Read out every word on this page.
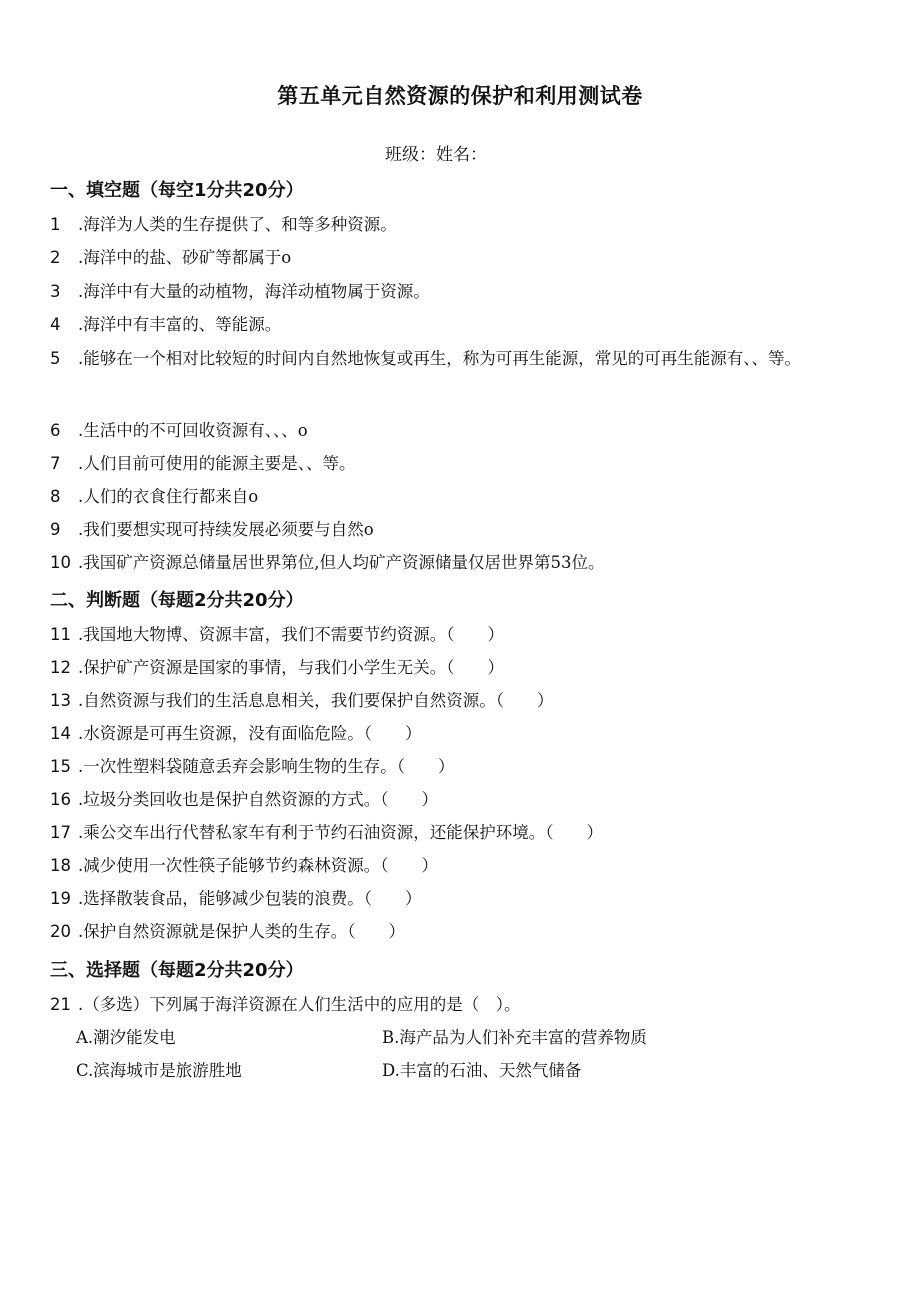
第五单元自然资源的保护和利用测试卷
班级：姓名：
一、填空题（每空1分共20分）
1 .海洋为人类的生存提供了、和等多种资源。
2 .海洋中的盐、砂矿等都属于o
3 .海洋中有大量的动植物，海洋动植物属于资源。
4 .海洋中有丰富的、等能源。
5	.能够在一个相对比较短的时间内自然地恢复或再生，称为可再生能源，常见的可再生能源有、、等。
6 .生活中的不可回收资源有、、、o
7 .人们目前可使用的能源主要是、、等。
8 .人们的衣食住行都来自o
9 .我们要想实现可持续发展必须要与自然o
10 .我国矿产资源总储量居世界第位,但人均矿产资源储量仅居世界第53位。
二、判断题（每题2分共20分）
11 .我国地大物博、资源丰富，我们不需要节约资源。（　　）
12 .保护矿产资源是国家的事情，与我们小学生无关。（　　）
13 .自然资源与我们的生活息息相关，我们要保护自然资源。（　　）
14 .水资源是可再生资源，没有面临危险。（　　）
15 .一次性塑料袋随意丢弃会影响生物的生存。（　　）
16 .垃圾分类回收也是保护自然资源的方式。（　　）
17 .乘公交车出行代替私家车有利于节约石油资源，还能保护环境。（　　）
18 .减少使用一次性筷子能够节约森林资源。（　　）
19 .选择散装食品，能够减少包装的浪费。（　　）
20 .保护自然资源就是保护人类的生存。（　　）
三、选择题（每题2分共20分）
21 .（多选）下列属于海洋资源在人们生活中的应用的是（　）。
A.潮汐能发电	B.海产品为人们补充丰富的营养物质
C.滨海城市是旅游胜地	D.丰富的石油、天然气储备
